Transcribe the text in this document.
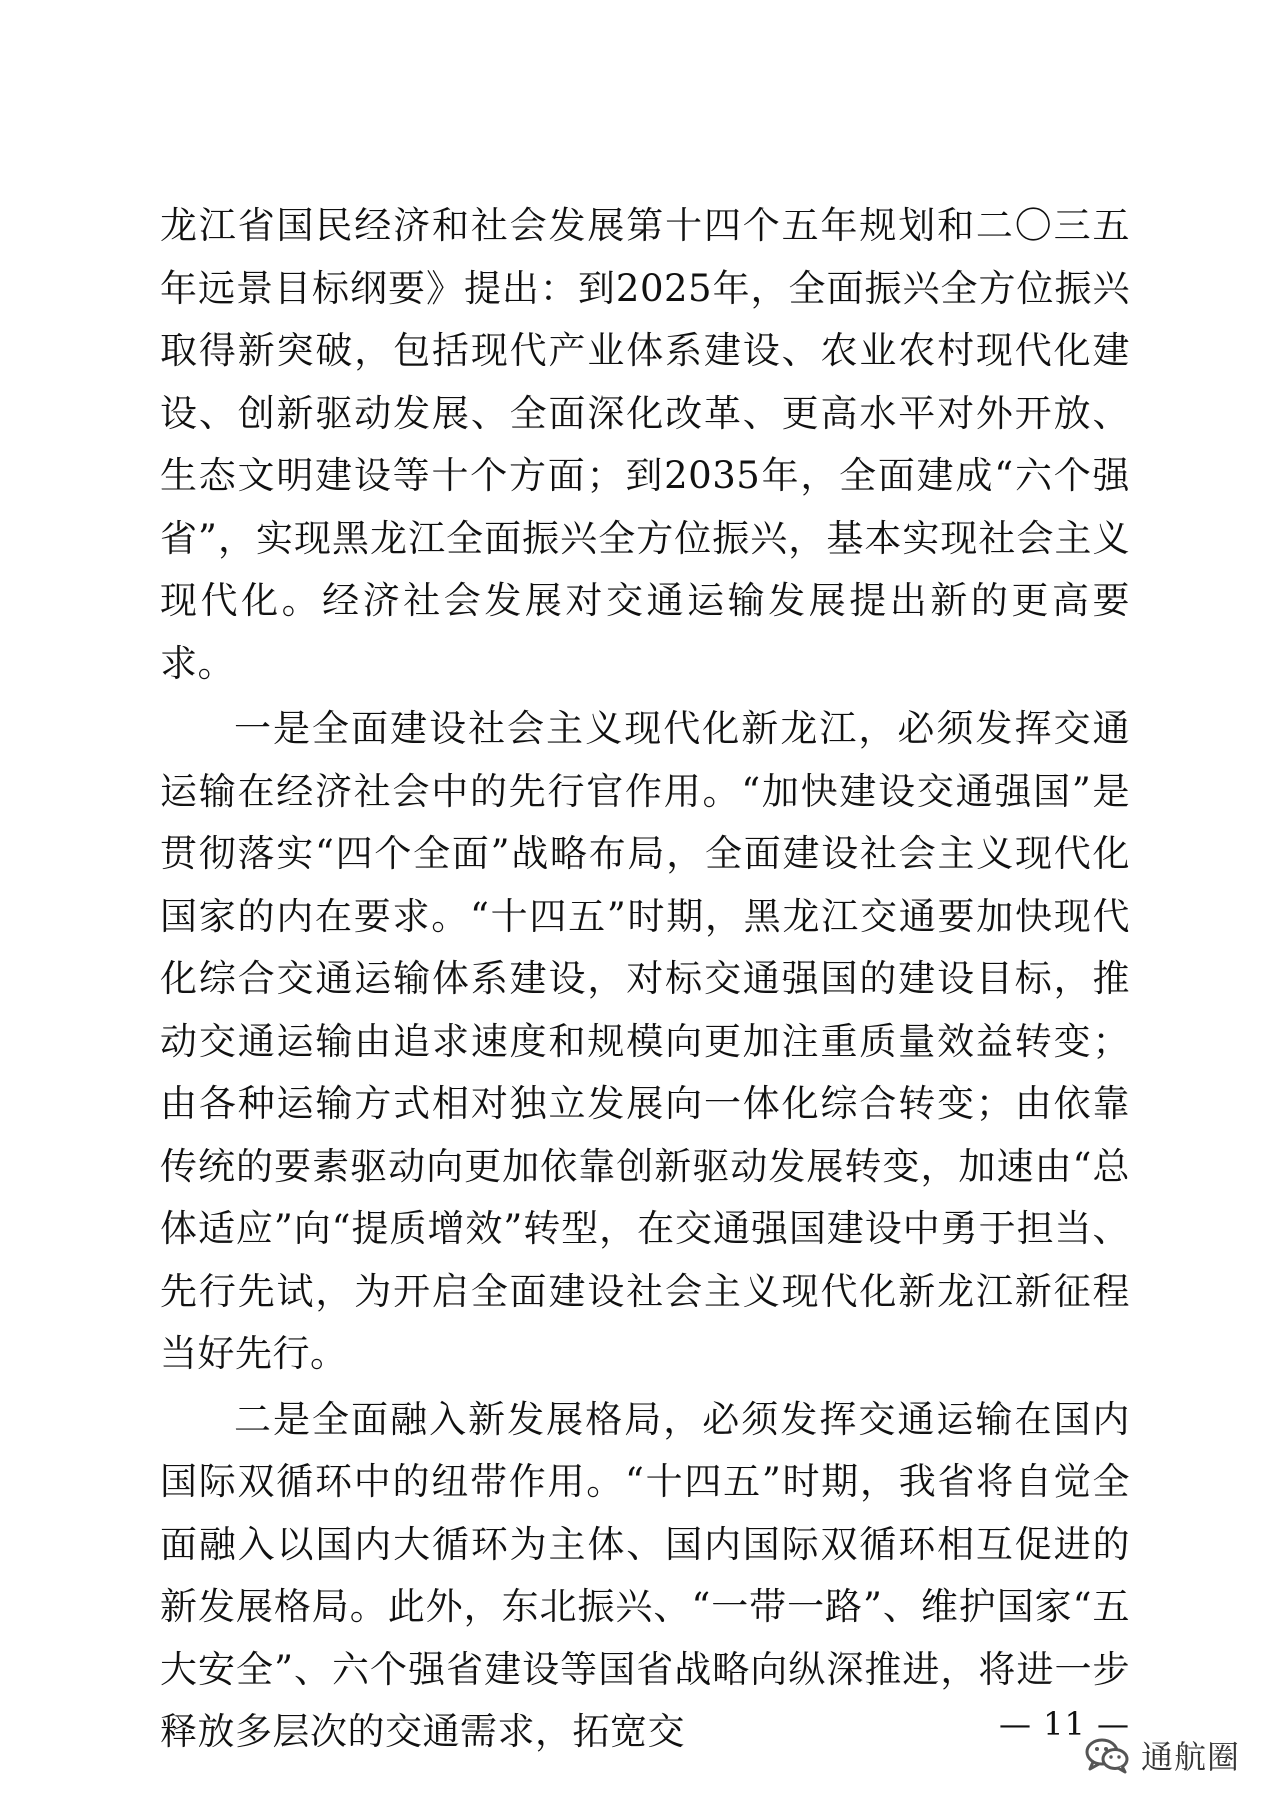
龙江省国民经济和社会发展第十四个五年规划和二〇三五年远景目标纲要》提出：到2025年，全面振兴全方位振兴取得新突破，包括现代产业体系建设、农业农村现代化建设、创新驱动发展、全面深化改革、更高水平对外开放、生态文明建设等十个方面；到2035年，全面建成“六个强省”，实现黑龙江全面振兴全方位振兴，基本实现社会主义现代化。经济社会发展对交通运输发展提出新的更高要求。

一是全面建设社会主义现代化新龙江，必须发挥交通运输在经济社会中的先行官作用。“加快建设交通强国”是贯彻落实“四个全面”战略布局，全面建设社会主义现代化国家的内在要求。“十四五”时期，黑龙江交通要加快现代化综合交通运输体系建设，对标交通强国的建设目标，推动交通运输由追求速度和规模向更加注重质量效益转变；由各种运输方式相对独立发展向一体化综合转变；由依靠传统的要素驱动向更加依靠创新驱动发展转变，加速由“总体适应”向“提质增效”转型，在交通强国建设中勇于担当、先行先试，为开启全面建设社会主义现代化新龙江新征程当好先行。

二是全面融入新发展格局，必须发挥交通运输在国内国际双循环中的纽带作用。“十四五”时期，我省将自觉全面融入以国内大循环为主体、国内国际双循环相互促进的新发展格局。此外，东北振兴、“一带一路”、维护国家“五大安全”、六个强省建设等国省战略向纵深推进，将进一步释放多层次的交通需求，拓宽交	— 11 —
通航圈
